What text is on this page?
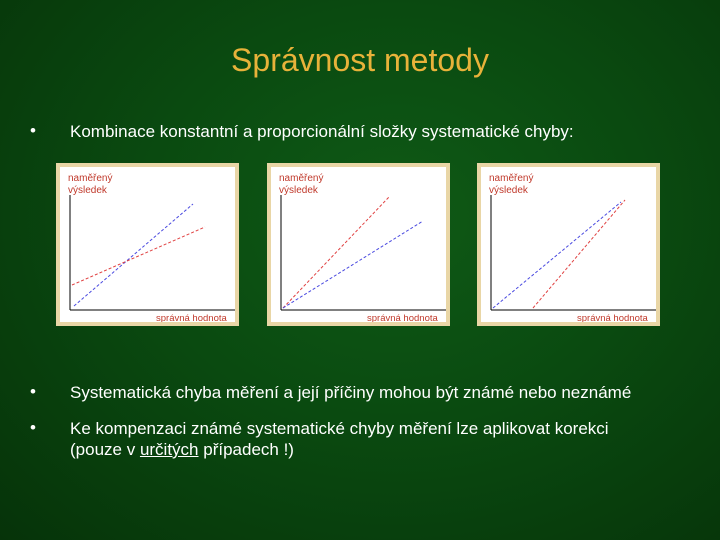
Správnost metody
• Kombinace konstantní a proporcionální složky systematické chyby:
naměřený
výsledek
správná hodnota
naměřený
výsledek
správná hodnota
naměřený
výsledek
správná hodnota
• Systematická chyba měření a její příčiny mohou být známé nebo neznámé
• Ke kompenzaci známé systematické chyby měření lze aplikovat korekci
(pouze v určitých případech !)
